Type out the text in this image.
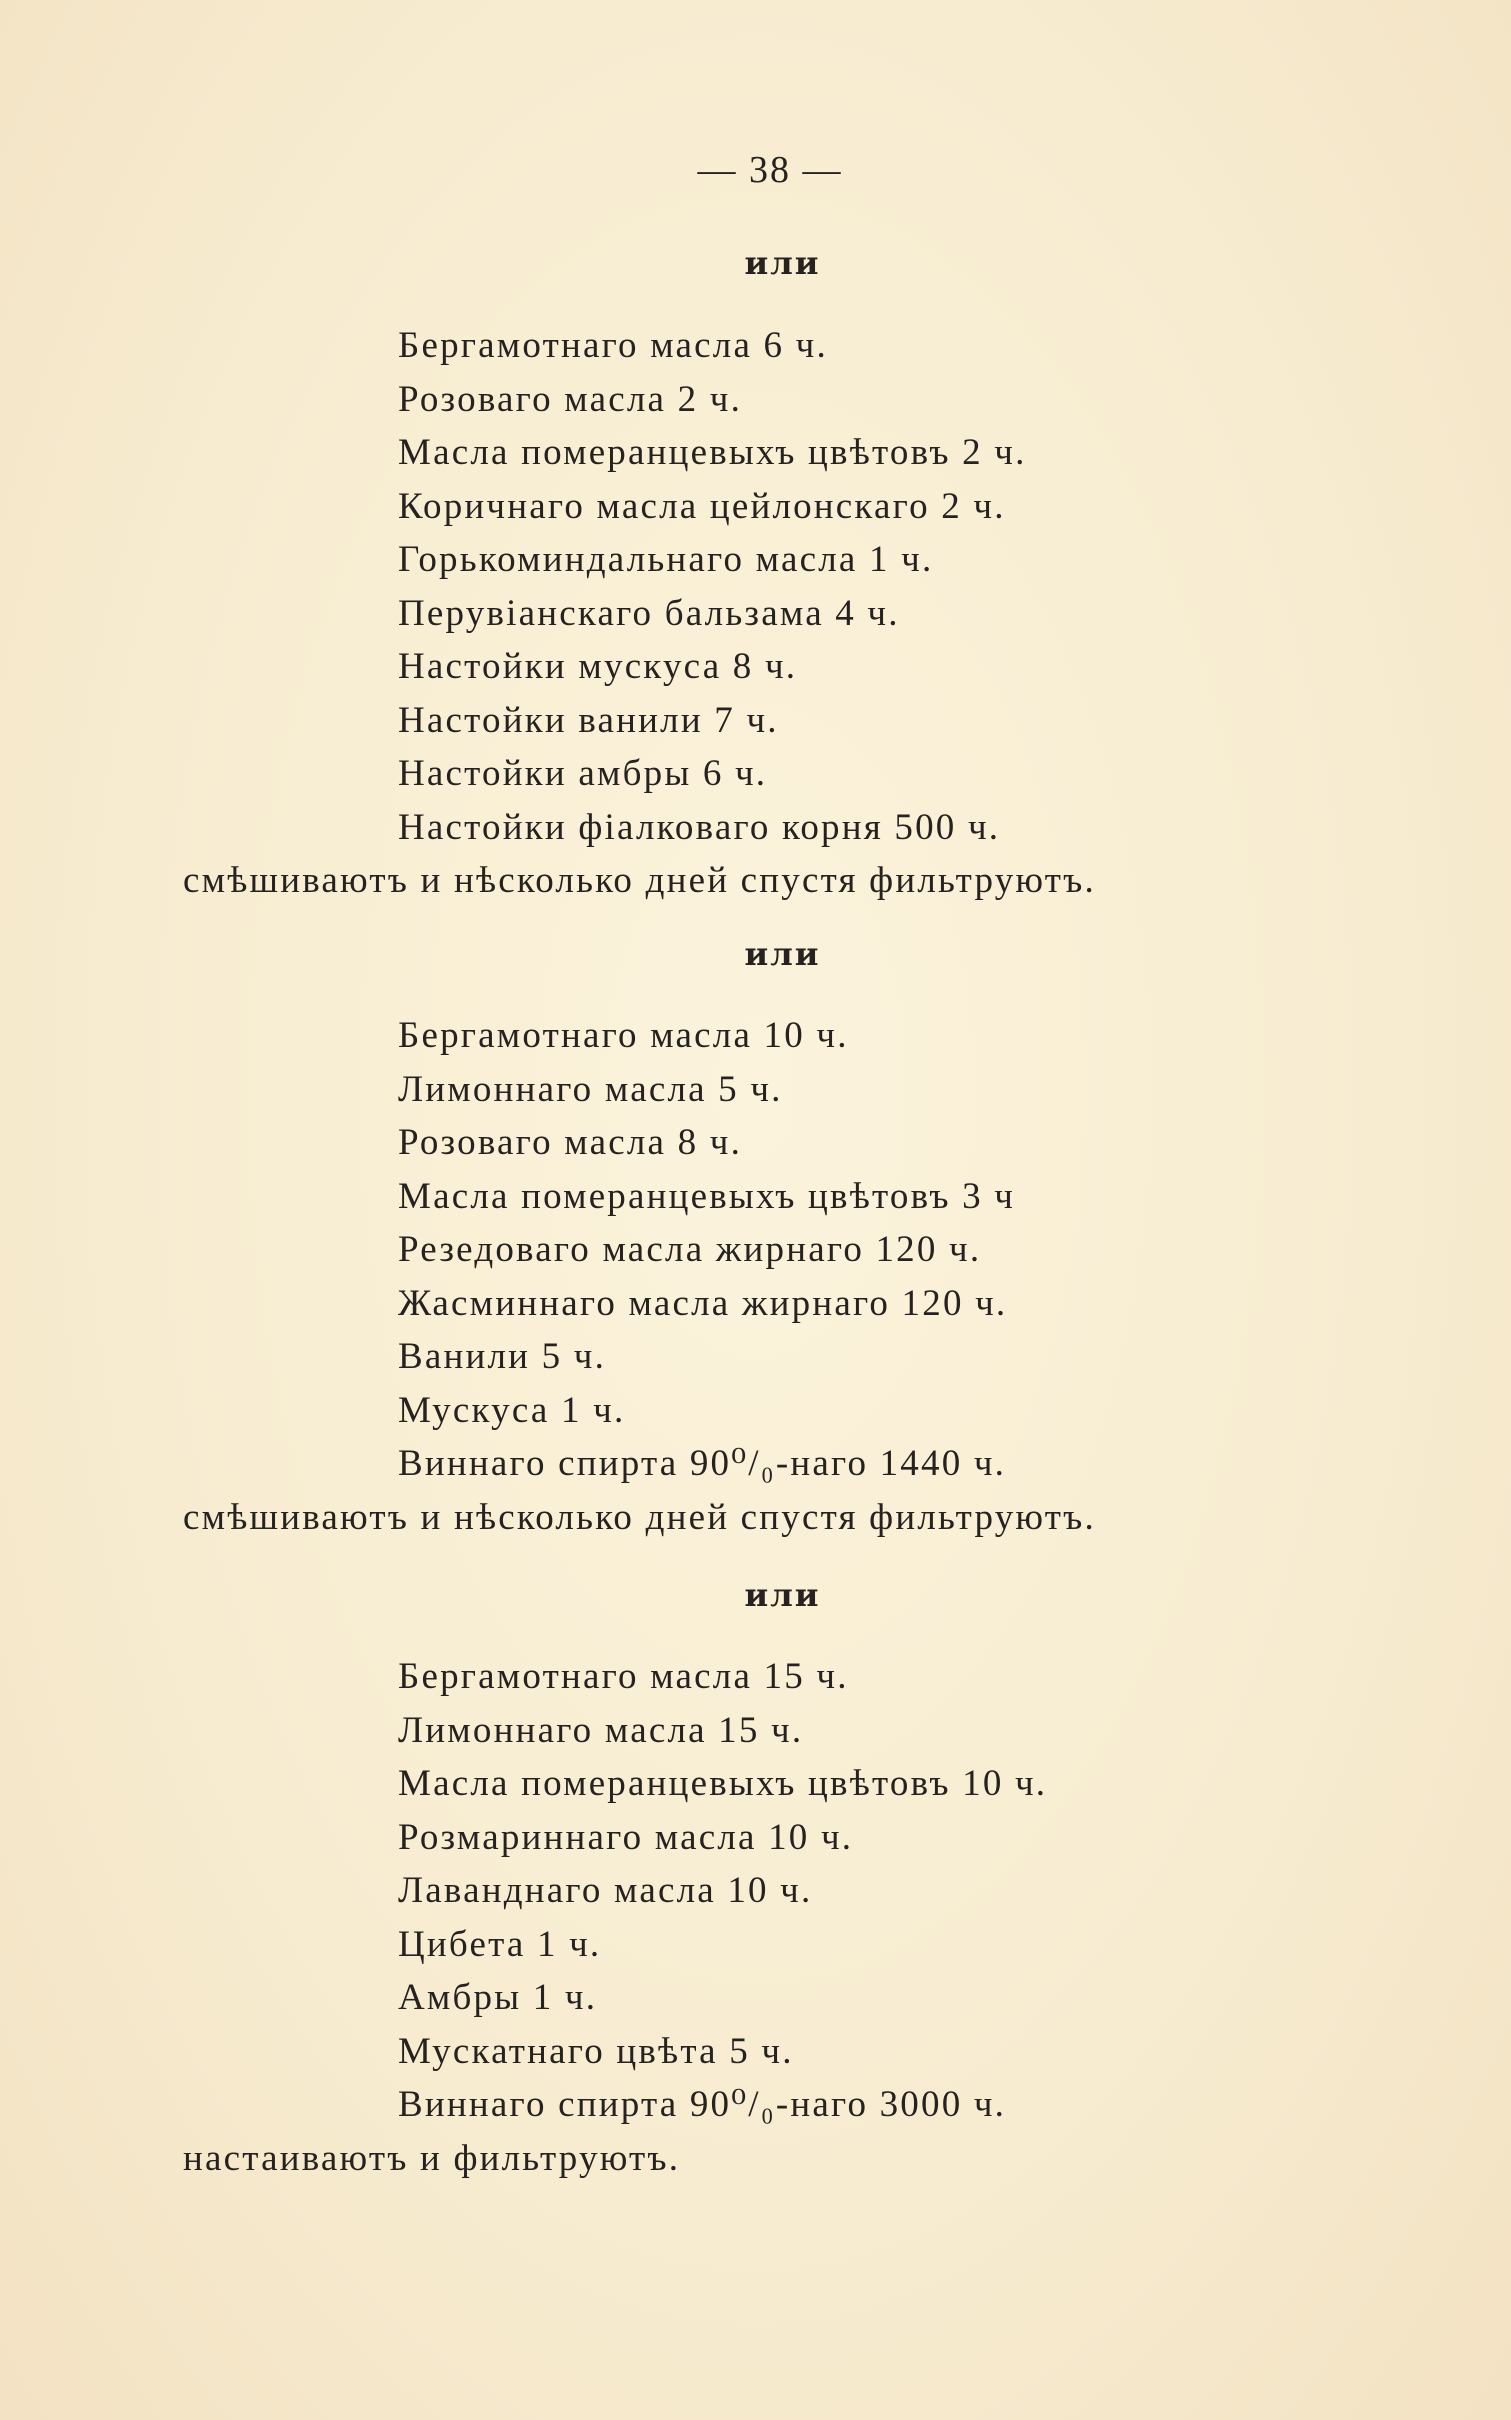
— 38 —
или
Бергамотнаго масла 6 ч.
Розоваго масла 2 ч.
Масла померанцевыхъ цвѣтовъ 2 ч.
Коричнаго масла цейлонскаго 2 ч.
Горькоминдальнаго масла 1 ч.
Перувіанскаго бальзама 4 ч.
Настойки мускуса 8 ч.
Настойки ванили 7 ч.
Настойки амбры 6 ч.
Настойки фіалковаго корня 500 ч.
смѣшиваютъ и нѣсколько дней спустя фильтруютъ.
или
Бергамотнаго масла 10 ч.
Лимоннаго масла 5 ч.
Розоваго масла 8 ч.
Масла померанцевыхъ цвѣтовъ 3 ч
Резедоваго масла жирнаго 120 ч.
Жасминнаго масла жирнаго 120 ч.
Ванили 5 ч.
Мускуса 1 ч.
Виннаго спирта 90⁰/₀-наго 1440 ч.
смѣшиваютъ и нѣсколько дней спустя фильтруютъ.
или
Бергамотнаго масла 15 ч.
Лимоннаго масла 15 ч.
Масла померанцевыхъ цвѣтовъ 10 ч.
Розмариннаго масла 10 ч.
Лаванднаго масла 10 ч.
Цибета 1 ч.
Амбры 1 ч.
Мускатнаго цвѣта 5 ч.
Виннаго спирта 90⁰/₀-наго 3000 ч.
настаиваютъ и фильтруютъ.
